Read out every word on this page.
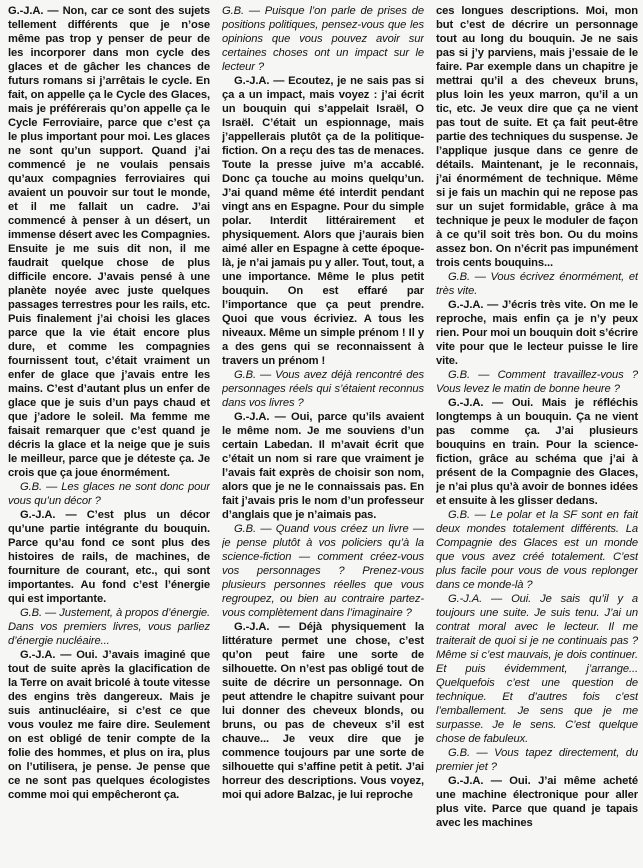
G.-J.A. — Non, car ce sont des sujets tellement différents que je n’ose même pas trop y penser de peur de les incorporer dans mon cycle des glaces et de gâcher les chances de futurs romans si j’arrêtais le cycle. En fait, on appelle ça le Cycle des Glaces, mais je préférerais qu’on appelle ça le Cycle Ferroviaire, parce que c’est ça le plus important pour moi. Les glaces ne sont qu’un support. Quand j’ai commencé je ne voulais pensais qu’aux compagnies ferroviaires qui avaient un pouvoir sur tout le monde, et il me fallait un cadre. J’ai commencé à penser à un désert, un immense désert avec les Compagnies. Ensuite je me suis dit non, il me faudrait quelque chose de plus difficile encore. J’avais pensé à une planète noyée avec juste quelques passages terrestres pour les rails, etc. Puis finalement j’ai choisi les glaces parce que la vie était encore plus dure, et comme les compagnies fournissent tout, c’était vraiment un enfer de glace que j’avais entre les mains. C’est d’autant plus un enfer de glace que je suis d’un pays chaud et que j’adore le soleil. Ma femme me faisait remarquer que c’est quand je décris la glace et la neige que je suis le meilleur, parce que je déteste ça. Je crois que ça joue énormément.

G.B. — Les glaces ne sont donc pour vous qu’un décor ?

G.-J.A. — C’est plus un décor qu’une partie intégrante du bouquin. Parce qu’au fond ce sont plus des histoires de rails, de machines, de fourniture de courant, etc., qui sont importantes. Au fond c’est l’énergie qui est importante.

G.B. — Justement, à propos d’énergie. Dans vos premiers livres, vous parliez d’énergie nucléaire...

G.-J.A. — Oui. J’avais imaginé que tout de suite après la glacification de la Terre on avait bricolé à toute vitesse des engins très dangereux. Mais je suis antinucléaire, si c’est ce que vous voulez me faire dire. Seulement on est obligé de tenir compte de la folie des hommes, et plus on ira, plus on l’utilisera, je pense. Je pense que ce ne sont pas quelques écologistes comme moi qui empêcheront ça.

G.B. — Puisque l’on parle de prises de positions politiques, pensez-vous que les opinions que vous pouvez avoir sur certaines choses ont un impact sur le lecteur ?

G.-J.A. — Ecoutez, je ne sais pas si ça a un impact, mais voyez : j’ai écrit un bouquin qui s’appelait Israël, O Israël. C’était un espionnage, mais j’appellerais plutôt ça de la politique-fiction. On a reçu des tas de menaces. Toute la presse juive m’a accablé. Donc ça touche au moins quelqu’un. J’ai quand même été interdit pendant vingt ans en Espagne. Pour du simple polar. Interdit littérairement et physiquement. Alors que j’aurais bien aimé aller en Espagne à cette époque-là, je n’ai jamais pu y aller. Tout, tout, a une importance. Même le plus petit bouquin. On est effaré par l’importance que ça peut prendre. Quoi que vous écriviez. A tous les niveaux. Même un simple prénom ! Il y a des gens qui se reconnaissent à travers un prénom !

G.B. — Vous avez déjà rencontré des personnages réels qui s’étaient reconnus dans vos livres ?

G.-J.A. — Oui, parce qu’ils avaient le même nom. Je me souviens d’un certain Labedan. Il m’avait écrit que c’était un nom si rare que vraiment je l’avais fait exprès de choisir son nom, alors que je ne le connaissais pas. En fait j’avais pris le nom d’un professeur d’anglais que je n’aimais pas.

G.B. — Quand vous créez un livre — je pense plutôt à vos policiers qu’à la science-fiction — comment créez-vous vos personnages ? Prenez-vous plusieurs personnes réelles que vous regroupez, ou bien au contraire partez-vous complètement dans l’imaginaire ?

G.-J.A. — Déjà physiquement la littérature permet une chose, c’est qu’on peut faire une sorte de silhouette. On n’est pas obligé tout de suite de décrire un personnage. On peut attendre le chapitre suivant pour lui donner des cheveux blonds, ou bruns, ou pas de cheveux s’il est chauve... Je veux dire que je commence toujours par une sorte de silhouette qui s’affine petit à petit. J’ai horreur des descriptions. Vous voyez, moi qui adore Balzac, je lui reproche

ces longues descriptions. Moi, mon but c’est de décrire un personnage tout au long du bouquin. Je ne sais pas si j’y parviens, mais j’essaie de le faire. Par exemple dans un chapitre je mettrai qu’il a des cheveux bruns, plus loin les yeux marron, qu’il a un tic, etc. Je veux dire que ça ne vient pas tout de suite. Et ça fait peut-être partie des techniques du suspense. Je l’applique jusque dans ce genre de détails. Maintenant, je le reconnais, j’ai énormément de technique. Même si je fais un machin qui ne repose pas sur un sujet formidable, grâce à ma technique je peux le moduler de façon à ce qu’il soit très bon. Ou du moins assez bon. On n’écrit pas impunément trois cents bouquins...

G.B. — Vous écrivez énormément, et très vite.

G.-J.A. — J’écris très vite. On me le reproche, mais enfin ça je n’y peux rien. Pour moi un bouquin doit s’écrire vite pour que le lecteur puisse le lire vite.

G.B. — Comment travaillez-vous ? Vous levez le matin de bonne heure ?

G.-J.A. — Oui. Mais je réfléchis longtemps à un bouquin. Ça ne vient pas comme ça. J’ai plusieurs bouquins en train. Pour la science-fiction, grâce au schéma que j’ai à présent de la Compagnie des Glaces, je n’ai plus qu’à avoir de bonnes idées et ensuite à les glisser dedans.

G.B. — Le polar et la SF sont en fait deux mondes totalement différents. La Compagnie des Glaces est un monde que vous avez créé totalement. C’est plus facile pour vous de vous replonger dans ce monde-là ?

G.-J.A. — Oui. Je sais qu’il y a toujours une suite. Je suis tenu. J’ai un contrat moral avec le lecteur. Il me traiterait de quoi si je ne continuais pas ? Même si c’est mauvais, je dois continuer. Et puis évidemment, j’arrange... Quelquefois c’est une question de technique. Et d’autres fois c’est l’emballement. Je sens que je me surpasse. Je le sens. C’est quelque chose de fabuleux.

G.B. — Vous tapez directement, du premier jet ?

G.-J.A. — Oui. J’ai même acheté une machine électronique pour aller plus vite. Parce que quand je tapais avec les machines
